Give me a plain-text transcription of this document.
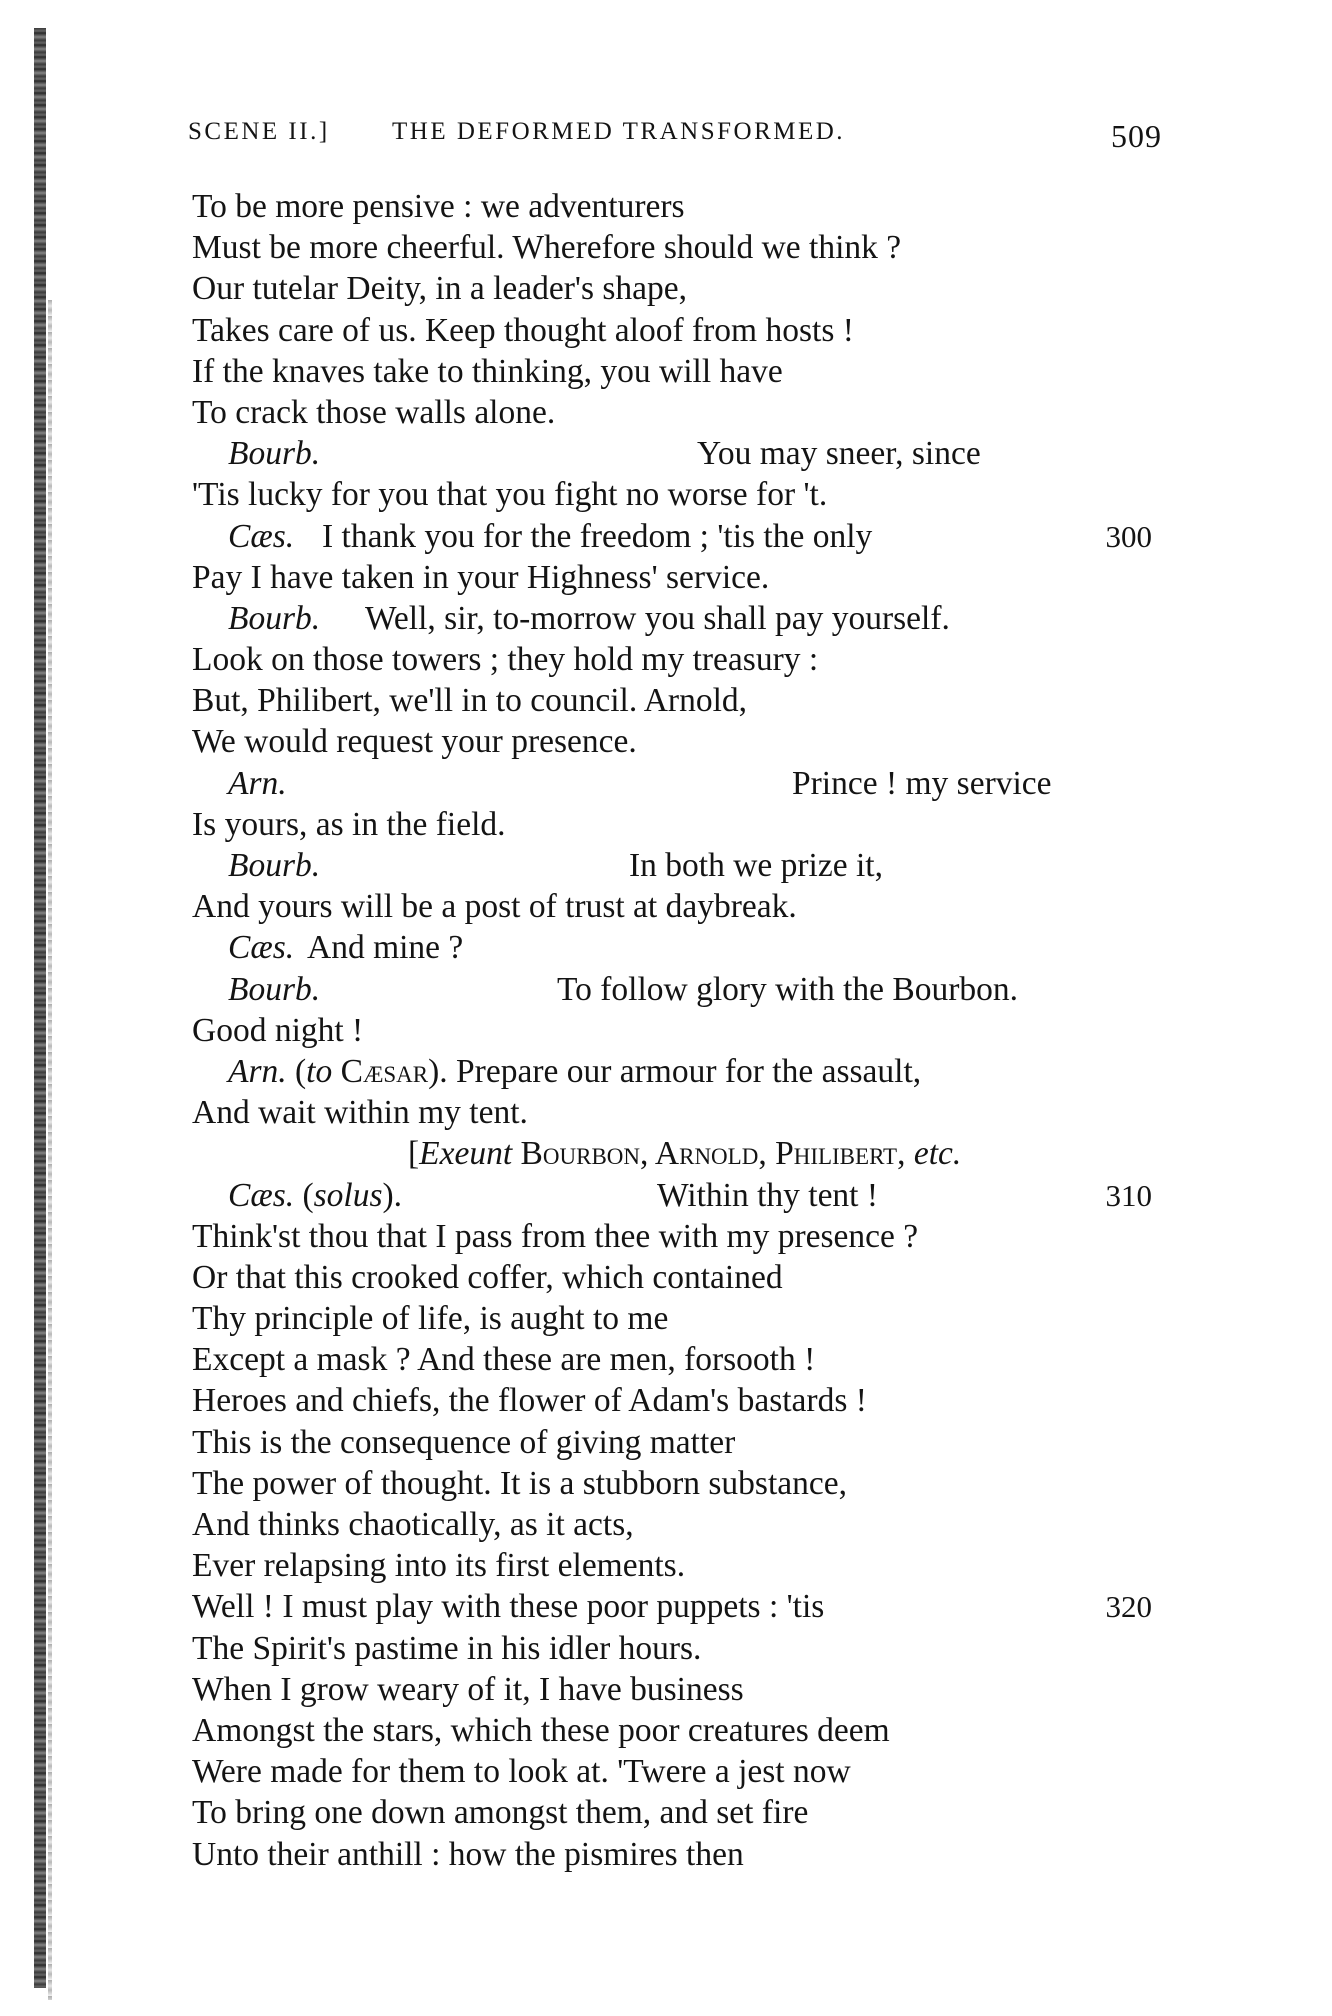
SCENE II.] THE DEFORMED TRANSFORMED.	509
To be more pensive : we adventurers
Must be more cheerful. Wherefore should we think ?
Our tutelar Deity, in a leader's shape,
Takes care of us. Keep thought aloof from hosts !
If the knaves take to thinking, you will have
To crack those walls alone.
Bourb.	You may sneer, since
'Tis lucky for you that you fight no worse for 't.
Cæs. I thank you for the freedom ; 'tis the only	300
Pay I have taken in your Highness' service.
Bourb. Well, sir, to-morrow you shall pay yourself.
Look on those towers ; they hold my treasury :
But, Philibert, we'll in to council. Arnold,
We would request your presence.
Arn.	Prince ! my service
Is yours, as in the field.
Bourb.	In both we prize it,
And yours will be a post of trust at daybreak.
Cæs. And mine ?
Bourb.	To follow glory with the Bourbon.
Good night !
Arn. (to Cæsar). Prepare our armour for the assault,
And wait within my tent.
[Exeunt Bourbon, Arnold, Philibert, etc.
Cæs. (solus).	Within thy tent !	310
Think'st thou that I pass from thee with my presence ?
Or that this crooked coffer, which contained
Thy principle of life, is aught to me
Except a mask ? And these are men, forsooth !
Heroes and chiefs, the flower of Adam's bastards !
This is the consequence of giving matter
The power of thought. It is a stubborn substance,
And thinks chaotically, as it acts,
Ever relapsing into its first elements.
Well ! I must play with these poor puppets : 'tis	320
The Spirit's pastime in his idler hours.
When I grow weary of it, I have business
Amongst the stars, which these poor creatures deem
Were made for them to look at. 'Twere a jest now
To bring one down amongst them, and set fire
Unto their anthill : how the pismires then
